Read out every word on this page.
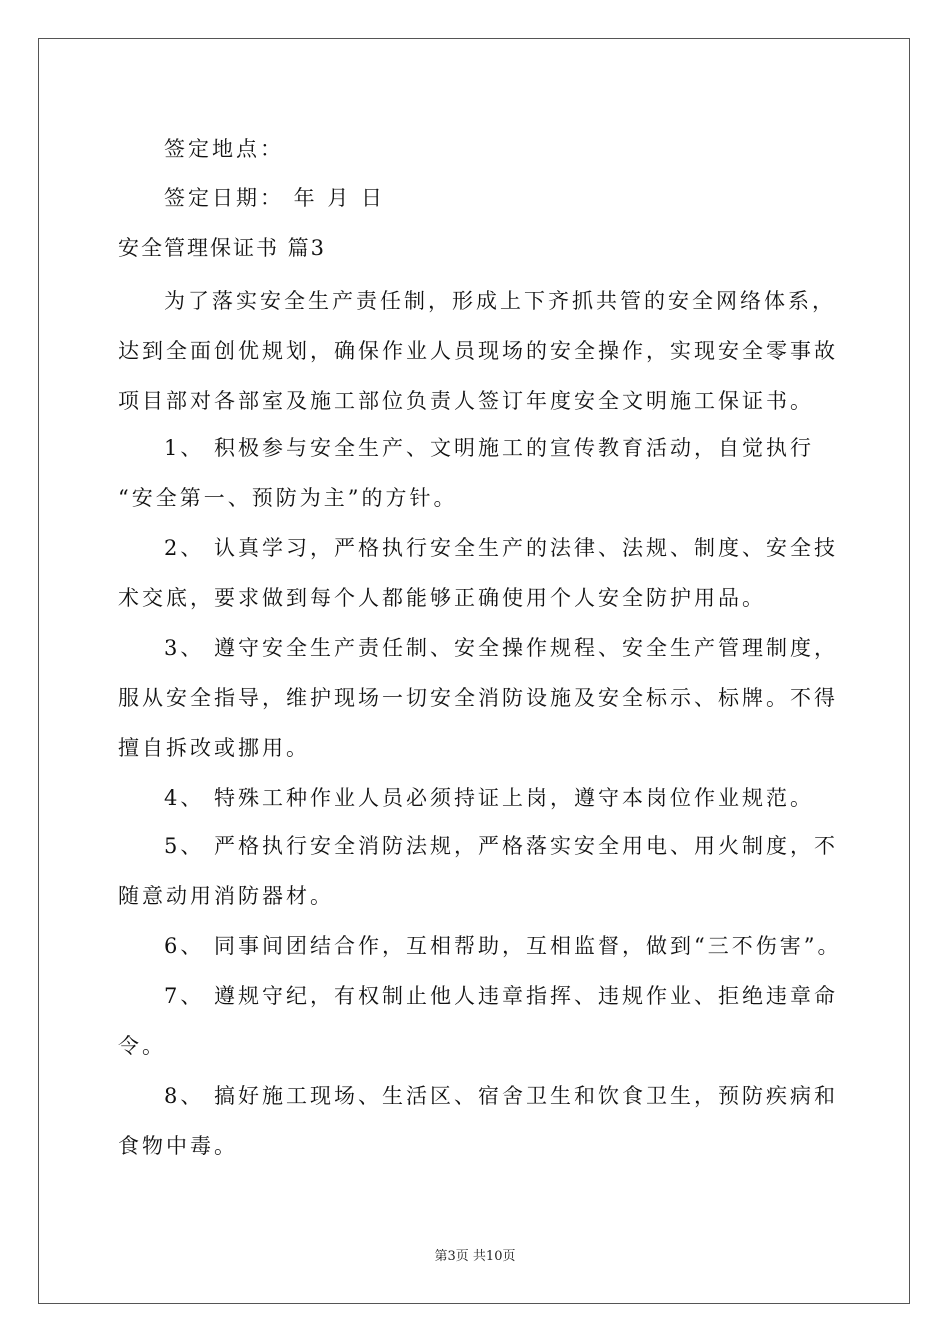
签定地点：
签定日期： 年 月 日
安全管理保证书 篇3
为了落实安全生产责任制，形成上下齐抓共管的安全网络体系，
达到全面创优规划，确保作业人员现场的安全操作，实现安全零事故
项目部对各部室及施工部位负责人签订年度安全文明施工保证书。
1、 积极参与安全生产、文明施工的宣传教育活动，自觉执行
“安全第一、预防为主”的方针。
2、 认真学习，严格执行安全生产的法律、法规、制度、安全技
术交底，要求做到每个人都能够正确使用个人安全防护用品。
3、 遵守安全生产责任制、安全操作规程、安全生产管理制度，
服从安全指导，维护现场一切安全消防设施及安全标示、标牌。不得
擅自拆改或挪用。
4、 特殊工种作业人员必须持证上岗，遵守本岗位作业规范。
5、 严格执行安全消防法规，严格落实安全用电、用火制度，不
随意动用消防器材。
6、 同事间团结合作，互相帮助，互相监督，做到“三不伤害”。
7、 遵规守纪，有权制止他人违章指挥、违规作业、拒绝违章命
令。
8、 搞好施工现场、生活区、宿舍卫生和饮食卫生，预防疾病和
食物中毒。
第3页 共10页
